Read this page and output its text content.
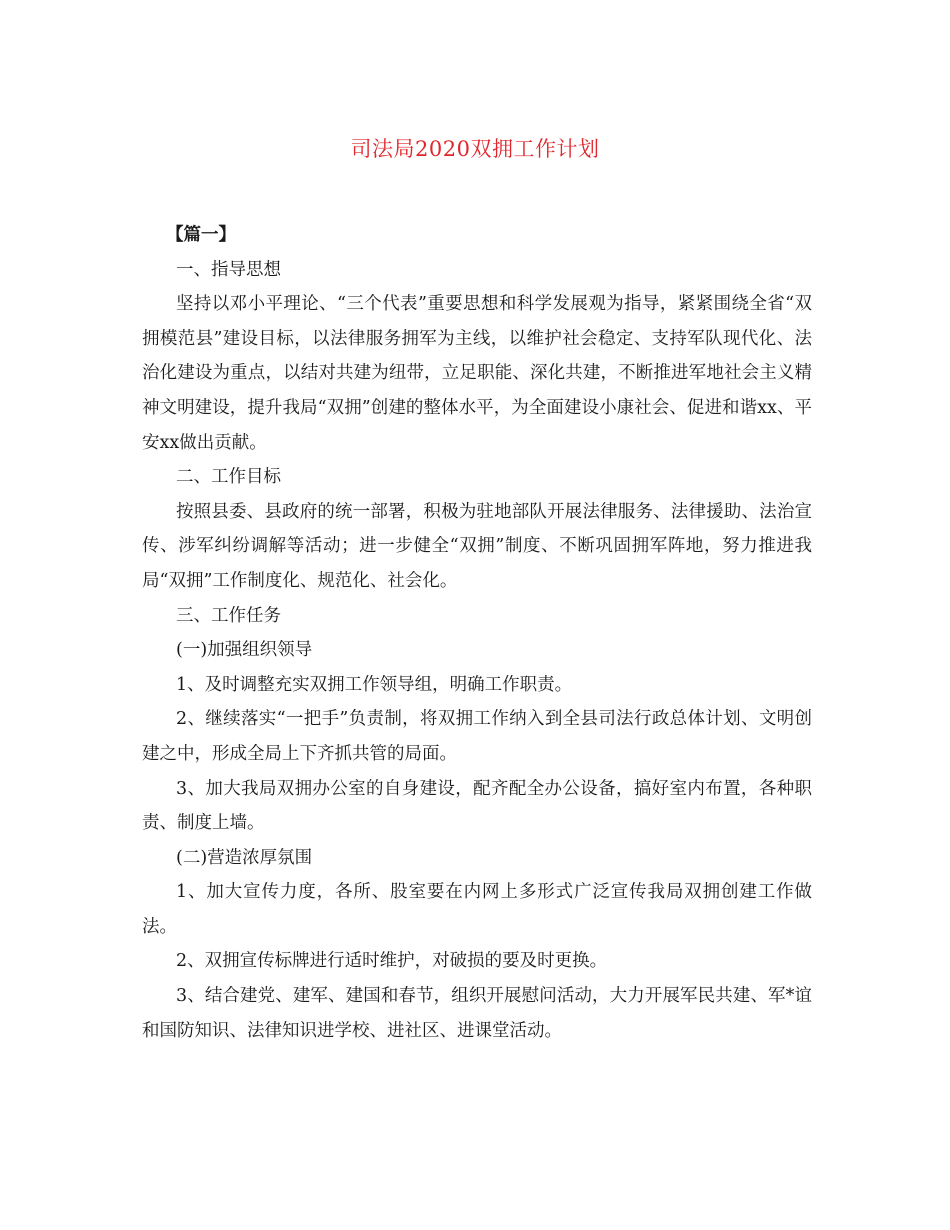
司法局2020双拥工作计划

【篇一】

一、指导思想

坚持以邓小平理论、“三个代表”重要思想和科学发展观为指导，紧紧围绕全省“双拥模范县”建设目标，以法律服务拥军为主线，以维护社会稳定、支持军队现代化、法治化建设为重点，以结对共建为纽带，立足职能、深化共建，不断推进军地社会主义精神文明建设，提升我局“双拥”创建的整体水平，为全面建设小康社会、促进和谐xx、平安xx做出贡献。

二、工作目标

按照县委、县政府的统一部署，积极为驻地部队开展法律服务、法律援助、法治宣传、涉军纠纷调解等活动；进一步健全“双拥”制度、不断巩固拥军阵地，努力推进我局“双拥”工作制度化、规范化、社会化。

三、工作任务

(一)加强组织领导

1、及时调整充实双拥工作领导组，明确工作职责。

2、继续落实“一把手”负责制，将双拥工作纳入到全县司法行政总体计划、文明创建之中，形成全局上下齐抓共管的局面。

3、加大我局双拥办公室的自身建设，配齐配全办公设备，搞好室内布置，各种职责、制度上墙。

(二)营造浓厚氛围

1、加大宣传力度，各所、股室要在内网上多形式广泛宣传我局双拥创建工作做法。

2、双拥宣传标牌进行适时维护，对破损的要及时更换。

3、结合建党、建军、建国和春节，组织开展慰问活动，大力开展军民共建、军*谊和国防知识、法律知识进学校、进社区、进课堂活动。
